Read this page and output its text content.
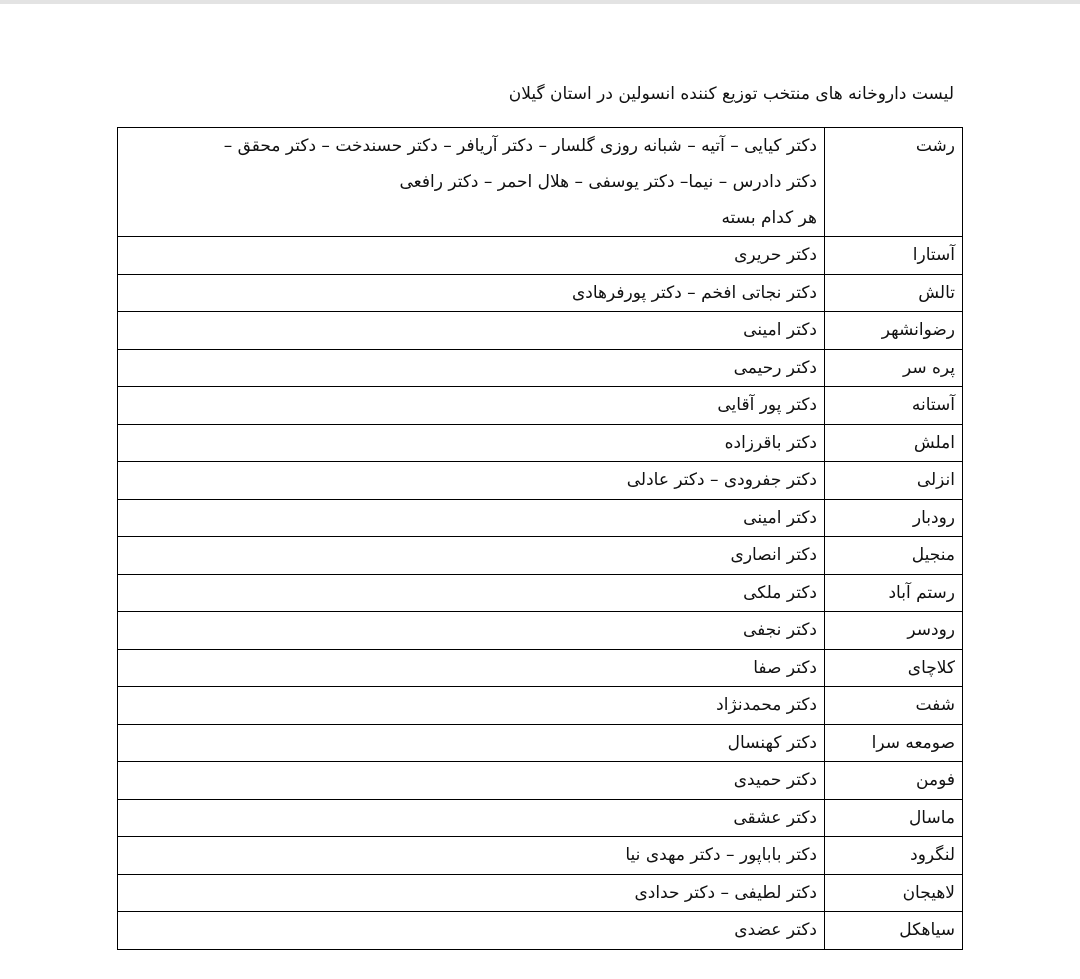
لیست داروخانه های منتخب توزیع کننده انسولین در استان گیلان
رشت	دکتر کیایی – آتیه – شبانه روزی گلسار – دکتر آریافر – دکتر حسندخت – دکتر محقق –
دکتر دادرس – نیما– دکتر یوسفی – هلال احمر – دکتر رافعی
هر کدام بسته

آستارا	دکتر حریری

تالش	دکتر نجاتی افخم – دکتر پورفرهادی

رضوانشهر	دکتر امینی

پره سر	دکتر رحیمی

آستانه	دکتر پور آقایی

املش	دکتر باقرزاده

انزلی	دکتر جفرودی – دکتر عادلی

رودبار	دکتر امینی

منجیل	دکتر انصاری

رستم آباد	دکتر ملکی

رودسر	دکتر نجفی

کلاچای	دکتر صفا

شفت	دکتر محمدنژاد

صومعه سرا	دکتر کهنسال

فومن	دکتر حمیدی

ماسال	دکتر عشقی

لنگرود	دکتر باباپور – دکتر مهدی نیا

لاهیجان	دکتر لطیفی – دکتر حدادی

سیاهکل	دکتر عضدی
